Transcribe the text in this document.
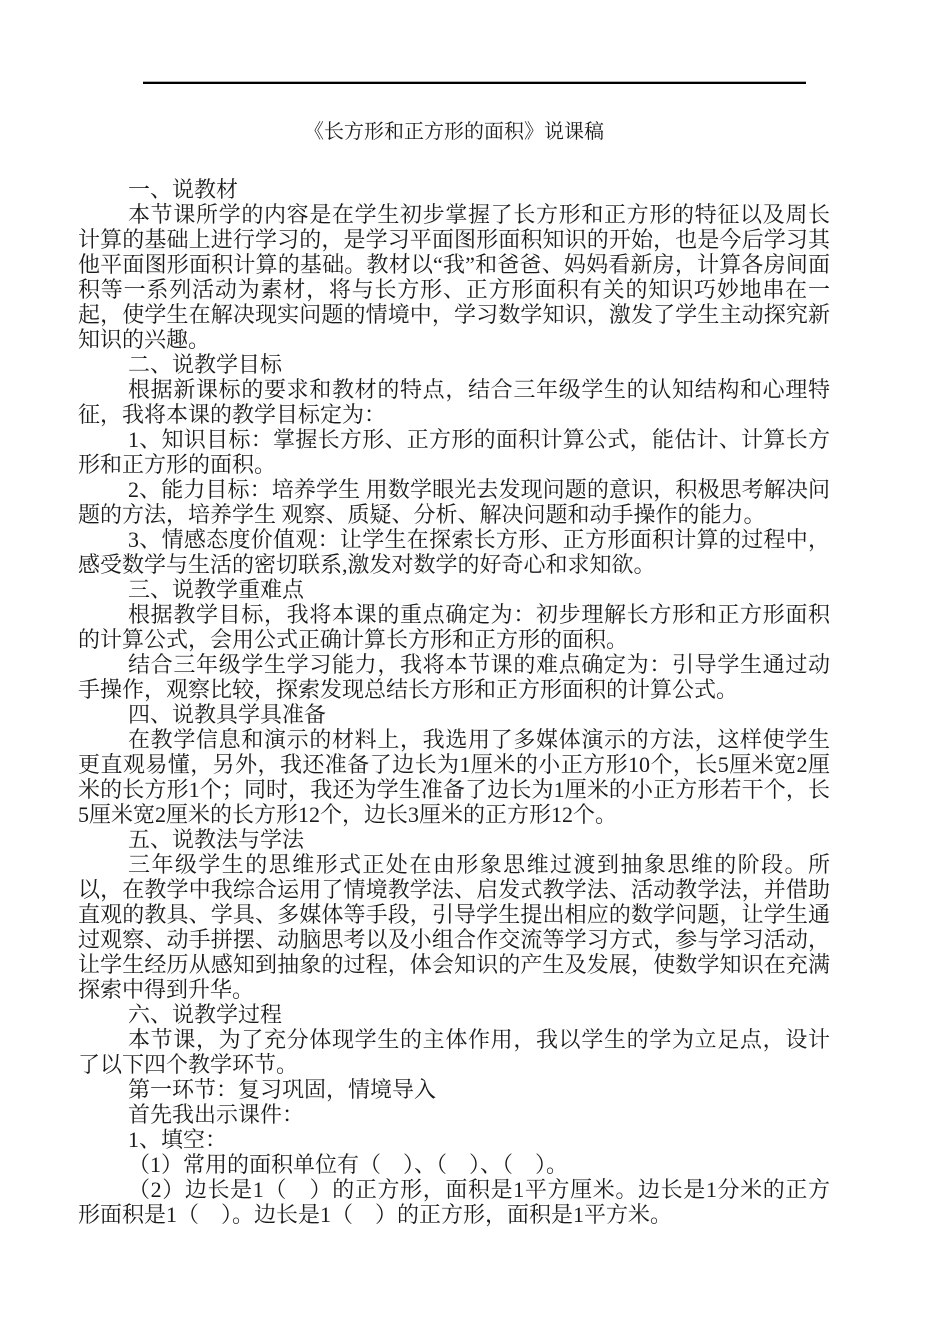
《长方形和正方形的面积》说课稿

一、说教材

本节课所学的内容是在学生初步掌握了长方形和正方形的特征以及周长计算的基础上进行学习的，是学习平面图形面积知识的开始，也是今后学习其他平面图形面积计算的基础。教材以“我”和爸爸、妈妈看新房，计算各房间面积等一系列活动为素材，将与长方形、正方形面积有关的知识巧妙地串在一起，使学生在解决现实问题的情境中，学习数学知识，激发了学生主动探究新知识的兴趣。

二、说教学目标

根据新课标的要求和教材的特点，结合三年级学生的认知结构和心理特征，我将本课的教学目标定为：

1、知识目标：掌握长方形、正方形的面积计算公式，能估计、计算长方形和正方形的面积。

2、能力目标：培养学生 用数学眼光去发现问题的意识，积极思考解决问题的方法，培养学生 观察、质疑、分析、解决问题和动手操作的能力。

3、情感态度价值观：让学生在探索长方形、正方形面积计算的过程中，感受数学与生活的密切联系,激发对数学的好奇心和求知欲。

三、说教学重难点

根据教学目标，我将本课的重点确定为：初步理解长方形和正方形面积的计算公式，会用公式正确计算长方形和正方形的面积。

结合三年级学生学习能力，我将本节课的难点确定为：引导学生通过动手操作，观察比较，探索发现总结长方形和正方形面积的计算公式。

四、说教具学具准备

在教学信息和演示的材料上，我选用了多媒体演示的方法，这样使学生更直观易懂，另外，我还准备了边长为1厘米的小正方形10个，长5厘米宽2厘米的长方形1个；同时，我还为学生准备了边长为1厘米的小正方形若干个，长5厘米宽2厘米的长方形12个，边长3厘米的正方形12个。

五、说教法与学法

三年级学生的思维形式正处在由形象思维过渡到抽象思维的阶段。所以，在教学中我综合运用了情境教学法、启发式教学法、活动教学法，并借助直观的教具、学具、多媒体等手段，引导学生提出相应的数学问题，让学生通过观察、动手拼摆、动脑思考以及小组合作交流等学习方式，参与学习活动，让学生经历从感知到抽象的过程，体会知识的产生及发展，使数学知识在充满探索中得到升华。

六、说教学过程

本节课，为了充分体现学生的主体作用，我以学生的学为立足点，设计了以下四个教学环节。

第一环节：复习巩固，情境导入

首先我出示课件：

1、填空：

（1）常用的面积单位有（　）、（　）、（　）。

（2）边长是1（　）的正方形，面积是1平方厘米。边长是1分米的正方形面积是1（　）。边长是1（　）的正方形，面积是1平方米。
